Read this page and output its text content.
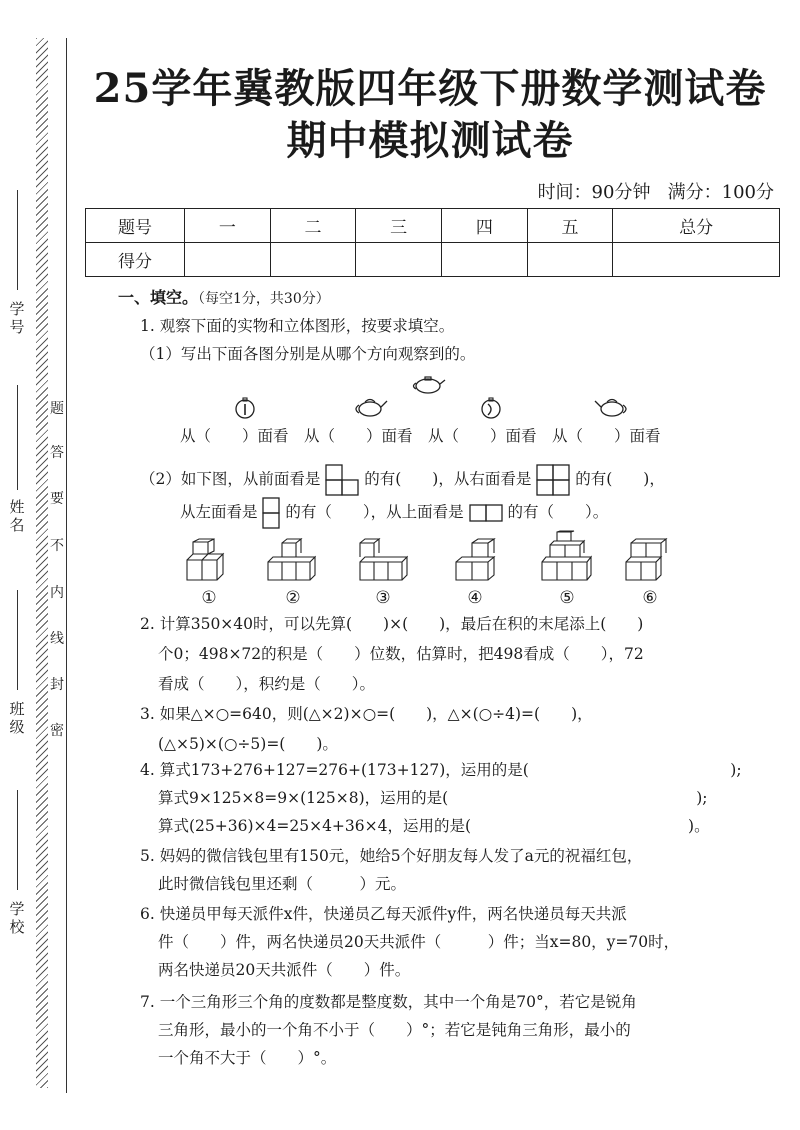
学号
姓名
班级
学校
题
答
要
不
内
线
封
密
25学年冀教版四年级下册数学测试卷
期中模拟测试卷
时间：90分钟 满分：100分
题号	一	二	三	四	五	总分
得分						
一、填空。（每空1分，共30分）
1. 观察下面的实物和立体图形，按要求填空。
（1）写出下面各图分别是从哪个方向观察到的。
从（　　）面看　从（　　）面看　从（　　）面看　从（　　）面看
（2）如下图，从前面看是	的有(　　)，从右面看是	的有(　　)，
从左面看是 的有（　　），从上面看是	的有（　　）。
①	②	③	④	⑤	⑥
2. 计算350×40时，可以先算(　　)×(　　)，最后在积的末尾添上(　　)
个0；498×72的积是（　　）位数，估算时，把498看成（　　），72
看成（　　），积约是（　　）。
3. 如果△×○=640，则(△×2)×○=(　　)，△×(○÷4)=(　　)，
(△×5)×(○÷5)=(　　)。
4. 算式173+276+127=276+(173+127)，运用的是(　　　　　　　　　　　　　);
算式9×125×8=9×(125×8)，运用的是(　　　　　　　　　　　　　　　　);
算式(25+36)×4=25×4+36×4，运用的是(　　　　　　　　　　　　　　)。
5. 妈妈的微信钱包里有150元，她给5个好朋友每人发了a元的祝福红包，
此时微信钱包里还剩（　　　）元。
6. 快递员甲每天派件x件，快递员乙每天派件y件，两名快递员每天共派
件（　　）件，两名快递员20天共派件（　　　）件；当x=80，y=70时，
两名快递员20天共派件（　　）件。
7. 一个三角形三个角的度数都是整度数，其中一个角是70°，若它是锐角
三角形，最小的一个角不小于（　　）°；若它是钝角三角形，最小的
一个角不大于（　　）°。
